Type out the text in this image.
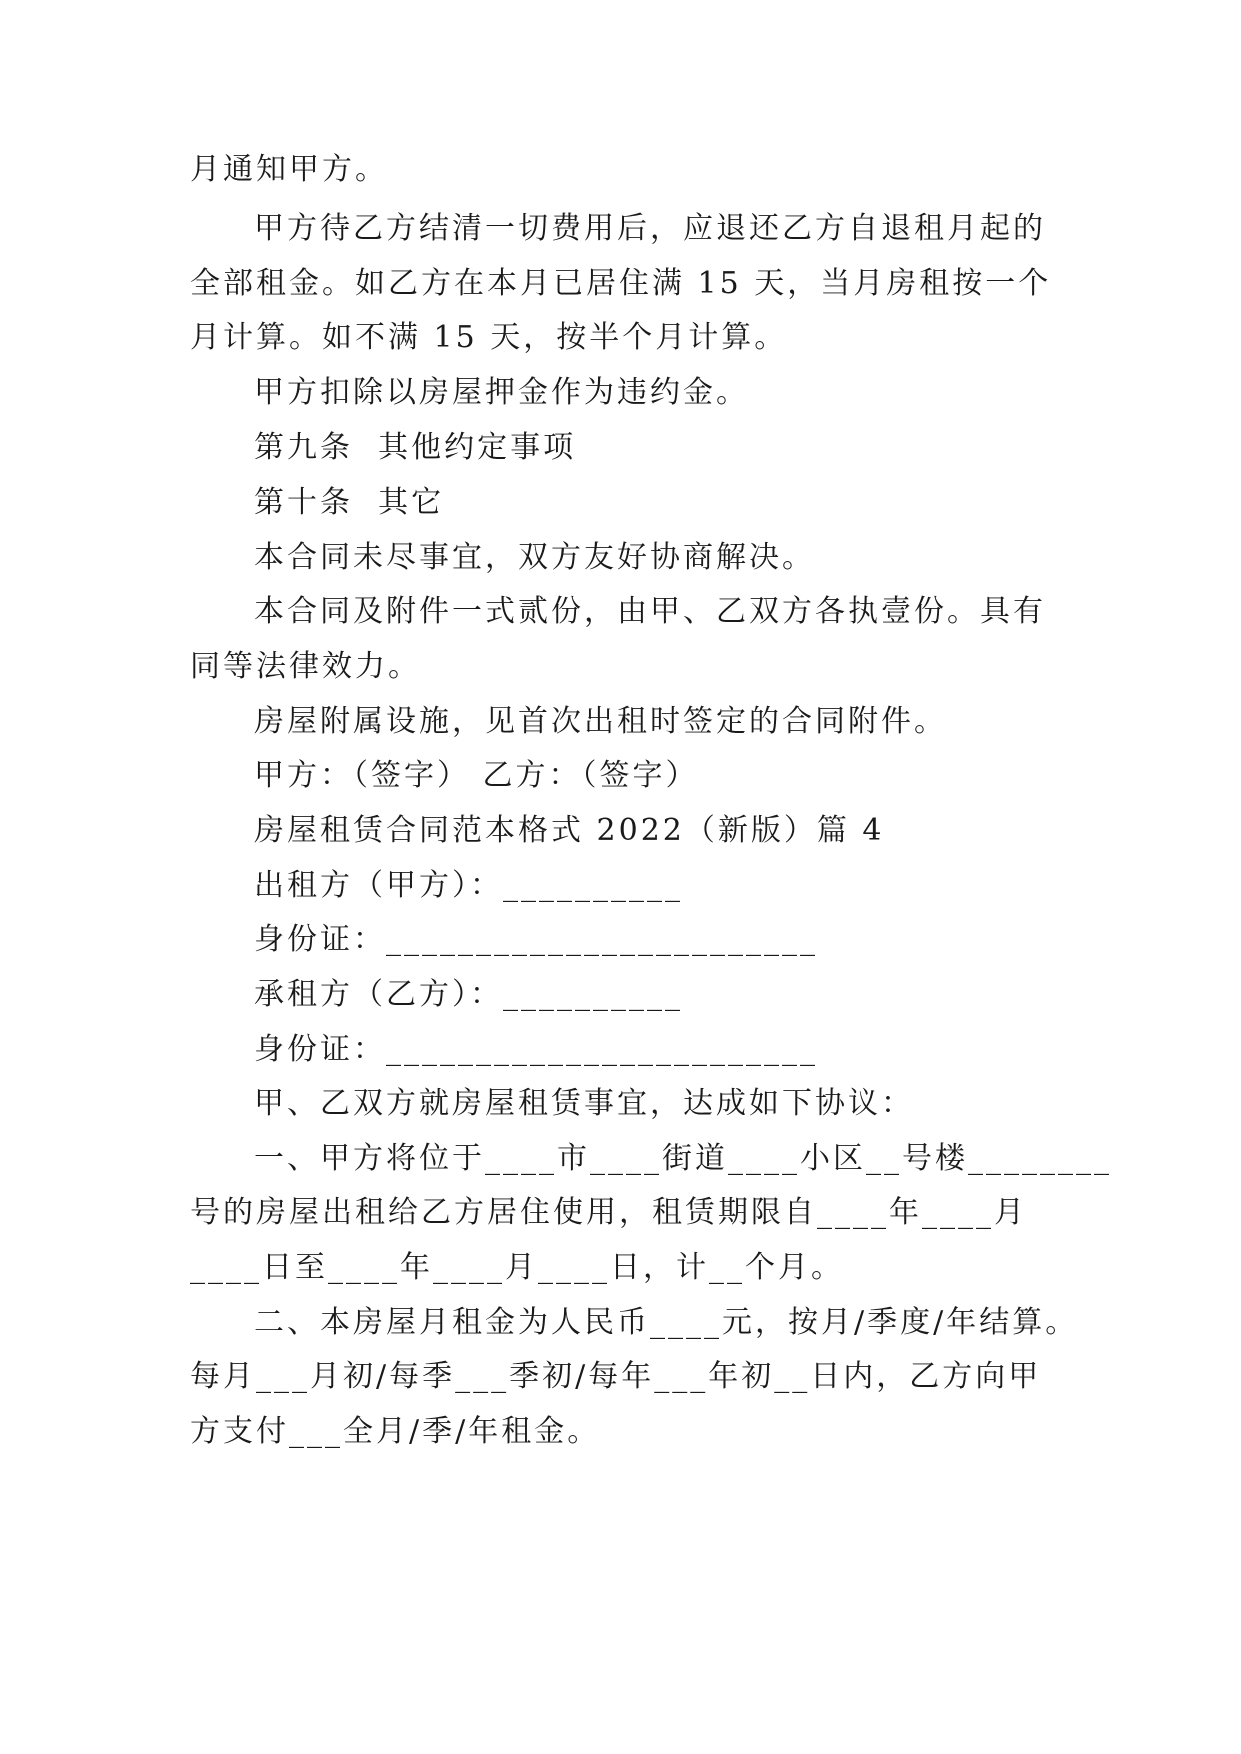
月通知甲方。
甲方待乙方结清一切费用后，应退还乙方自退租月起的
全部租金。如乙方在本月已居住满 15 天，当月房租按一个
月计算。如不满 15 天，按半个月计算。
甲方扣除以房屋押金作为违约金。
第九条  其他约定事项
第十条  其它
本合同未尽事宜，双方友好协商解决。
本合同及附件一式贰份，由甲、乙双方各执壹份。具有
同等法律效力。
房屋附属设施，见首次出租时签定的合同附件。
甲方：（签字） 乙方：（签字）
房屋租赁合同范本格式 2022（新版）篇 4
出租方（甲方）：__________
身份证：________________________
承租方（乙方）：__________
身份证：________________________
甲、乙双方就房屋租赁事宜，达成如下协议：
一、甲方将位于____市____街道____小区__号楼________
号的房屋出租给乙方居住使用，租赁期限自____年____月
____日至____年____月____日，计__个月。
二、本房屋月租金为人民币____元，按月/季度/年结算。
每月___月初/每季___季初/每年___年初__日内，乙方向甲
方支付___全月/季/年租金。
